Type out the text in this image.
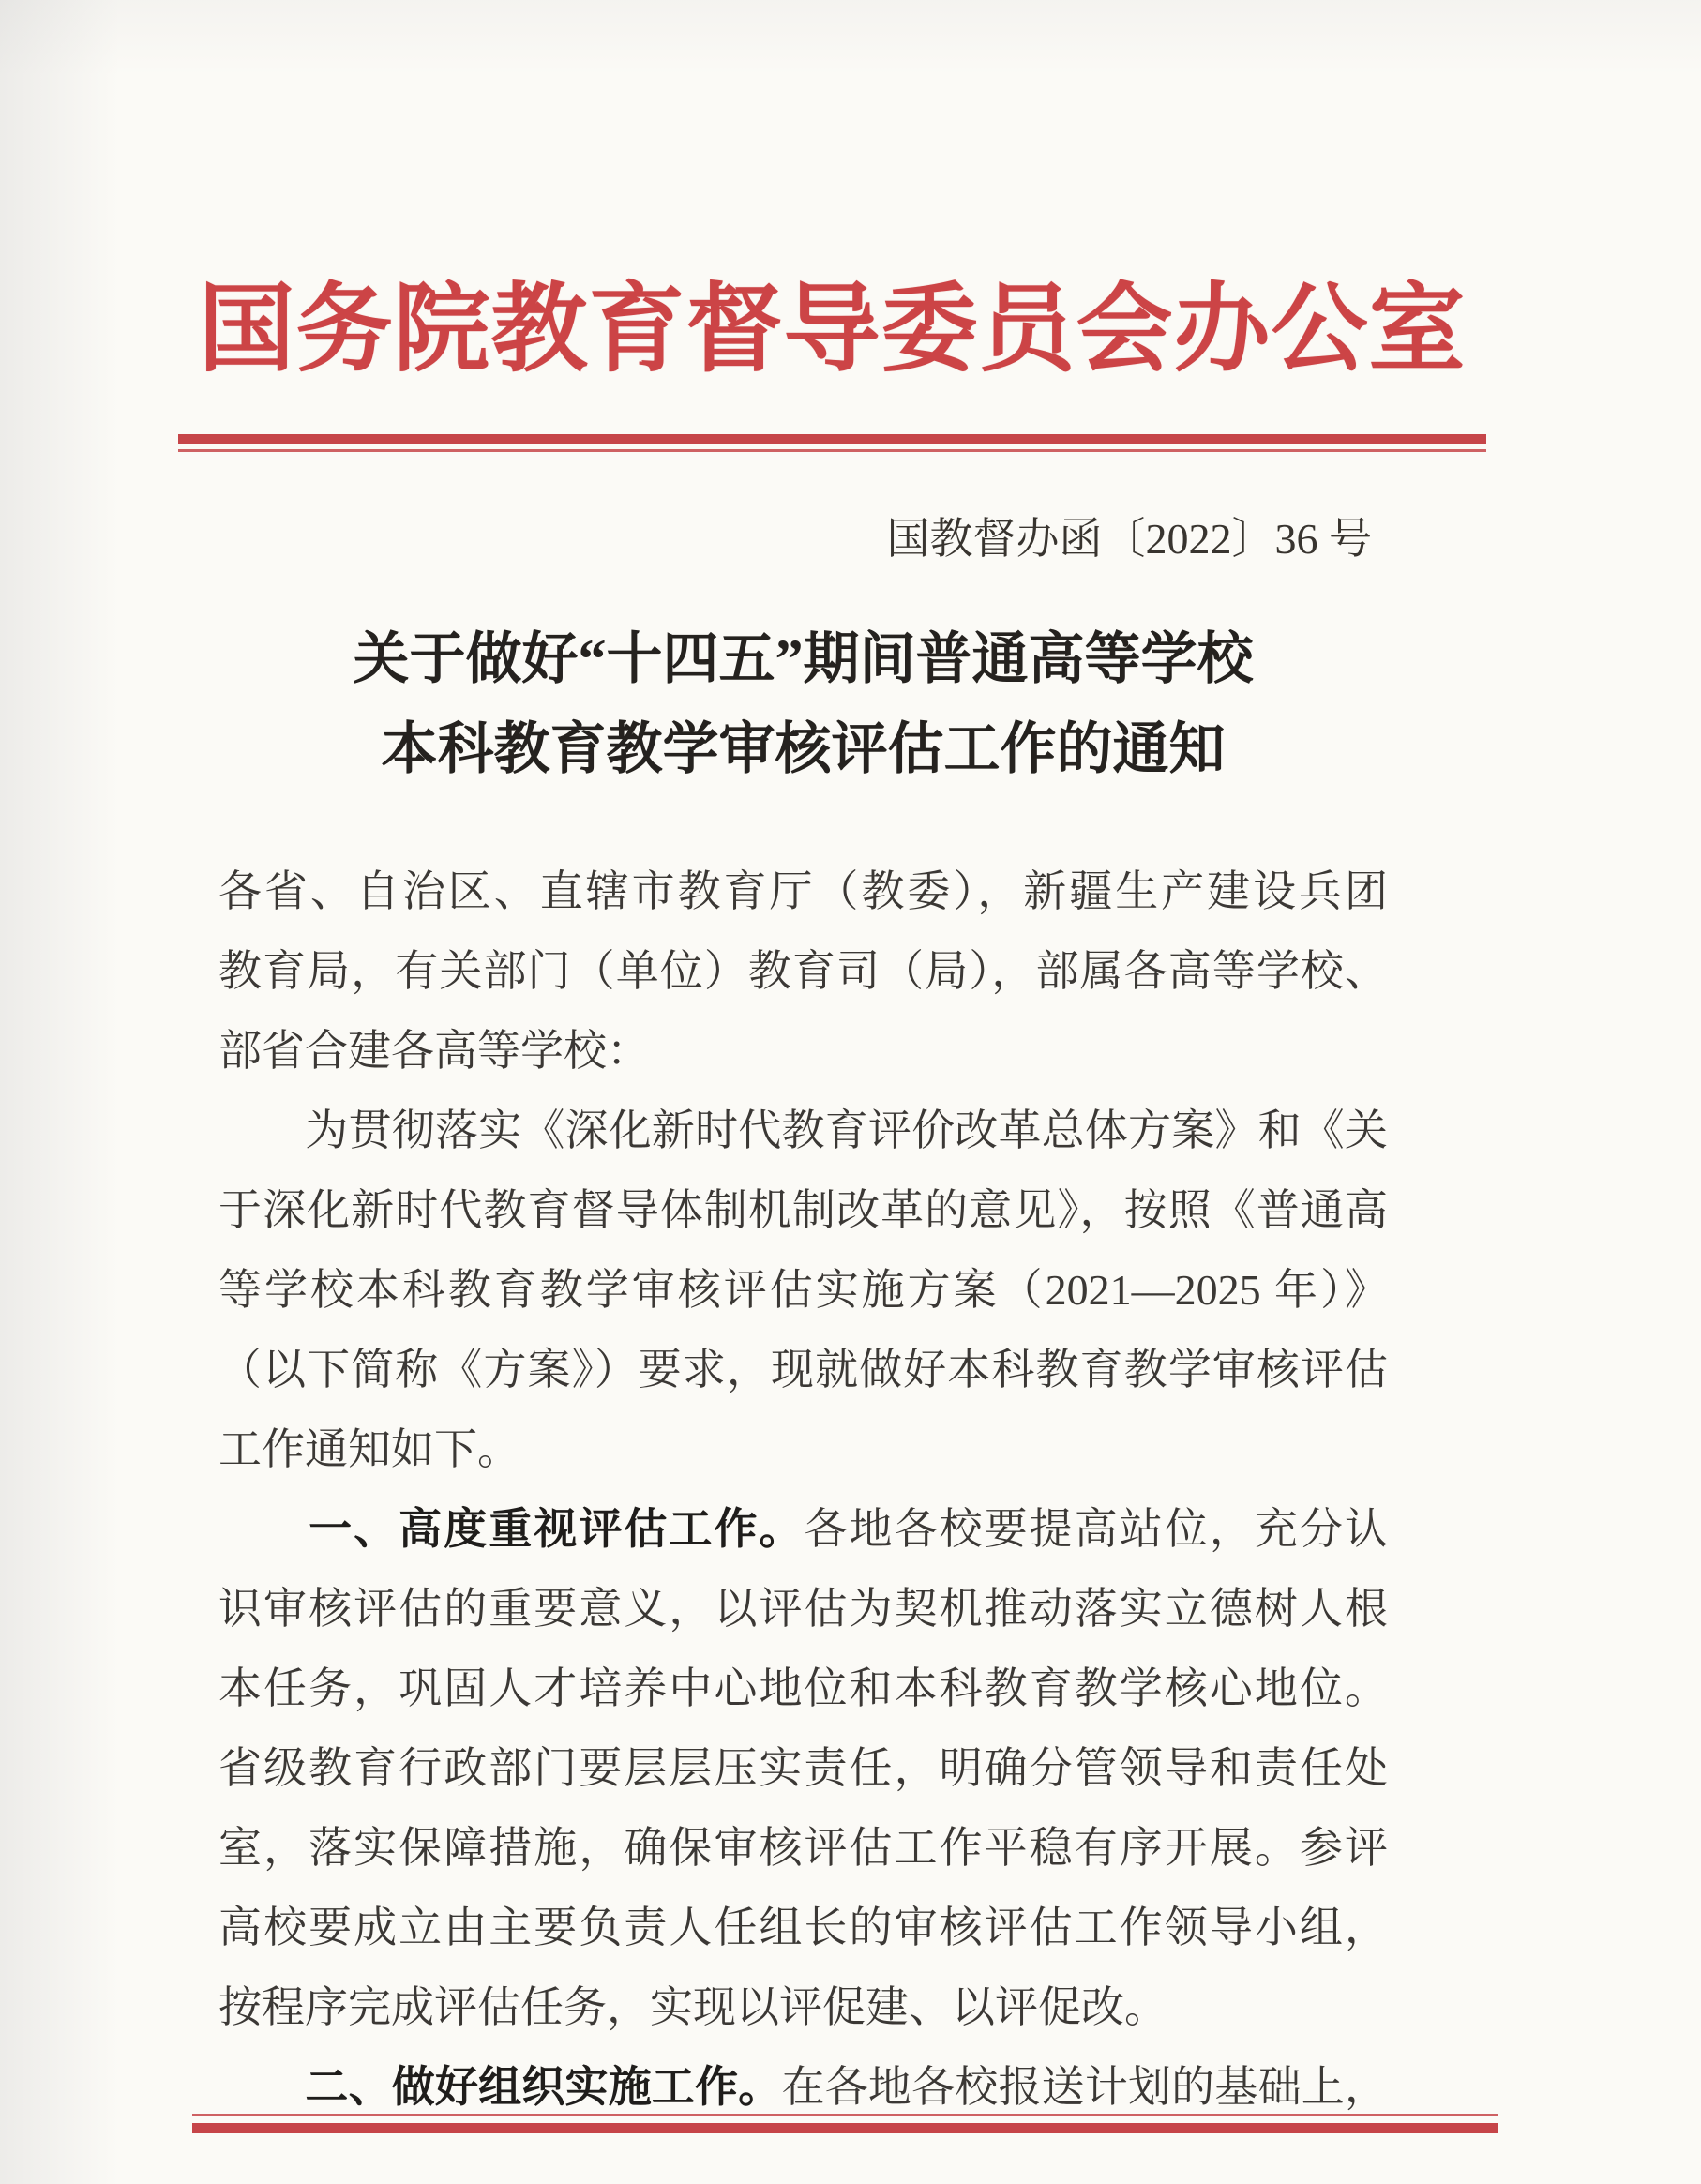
国务院教育督导委员会办公室
国教督办函〔2022〕36 号
关于做好“十四五”期间普通高等学校
本科教育教学审核评估工作的通知
各省、自治区、直辖市教育厅（教委），新疆生产建设兵团
教育局，有关部门（单位）教育司（局），部属各高等学校、
部省合建各高等学校：
　　为贯彻落实《深化新时代教育评价改革总体方案》和《关
于深化新时代教育督导体制机制改革的意见》，按照《普通高
等学校本科教育教学审核评估实施方案（2021—2025 年）》
（以下简称《方案》）要求，现就做好本科教育教学审核评估
工作通知如下。
　　一、高度重视评估工作。各地各校要提高站位，充分认
识审核评估的重要意义，以评估为契机推动落实立德树人根
本任务，巩固人才培养中心地位和本科教育教学核心地位。
省级教育行政部门要层层压实责任，明确分管领导和责任处
室，落实保障措施，确保审核评估工作平稳有序开展。参评
高校要成立由主要负责人任组长的审核评估工作领导小组，
按程序完成评估任务，实现以评促建、以评促改。
　　二、做好组织实施工作。在各地各校报送计划的基础上，
